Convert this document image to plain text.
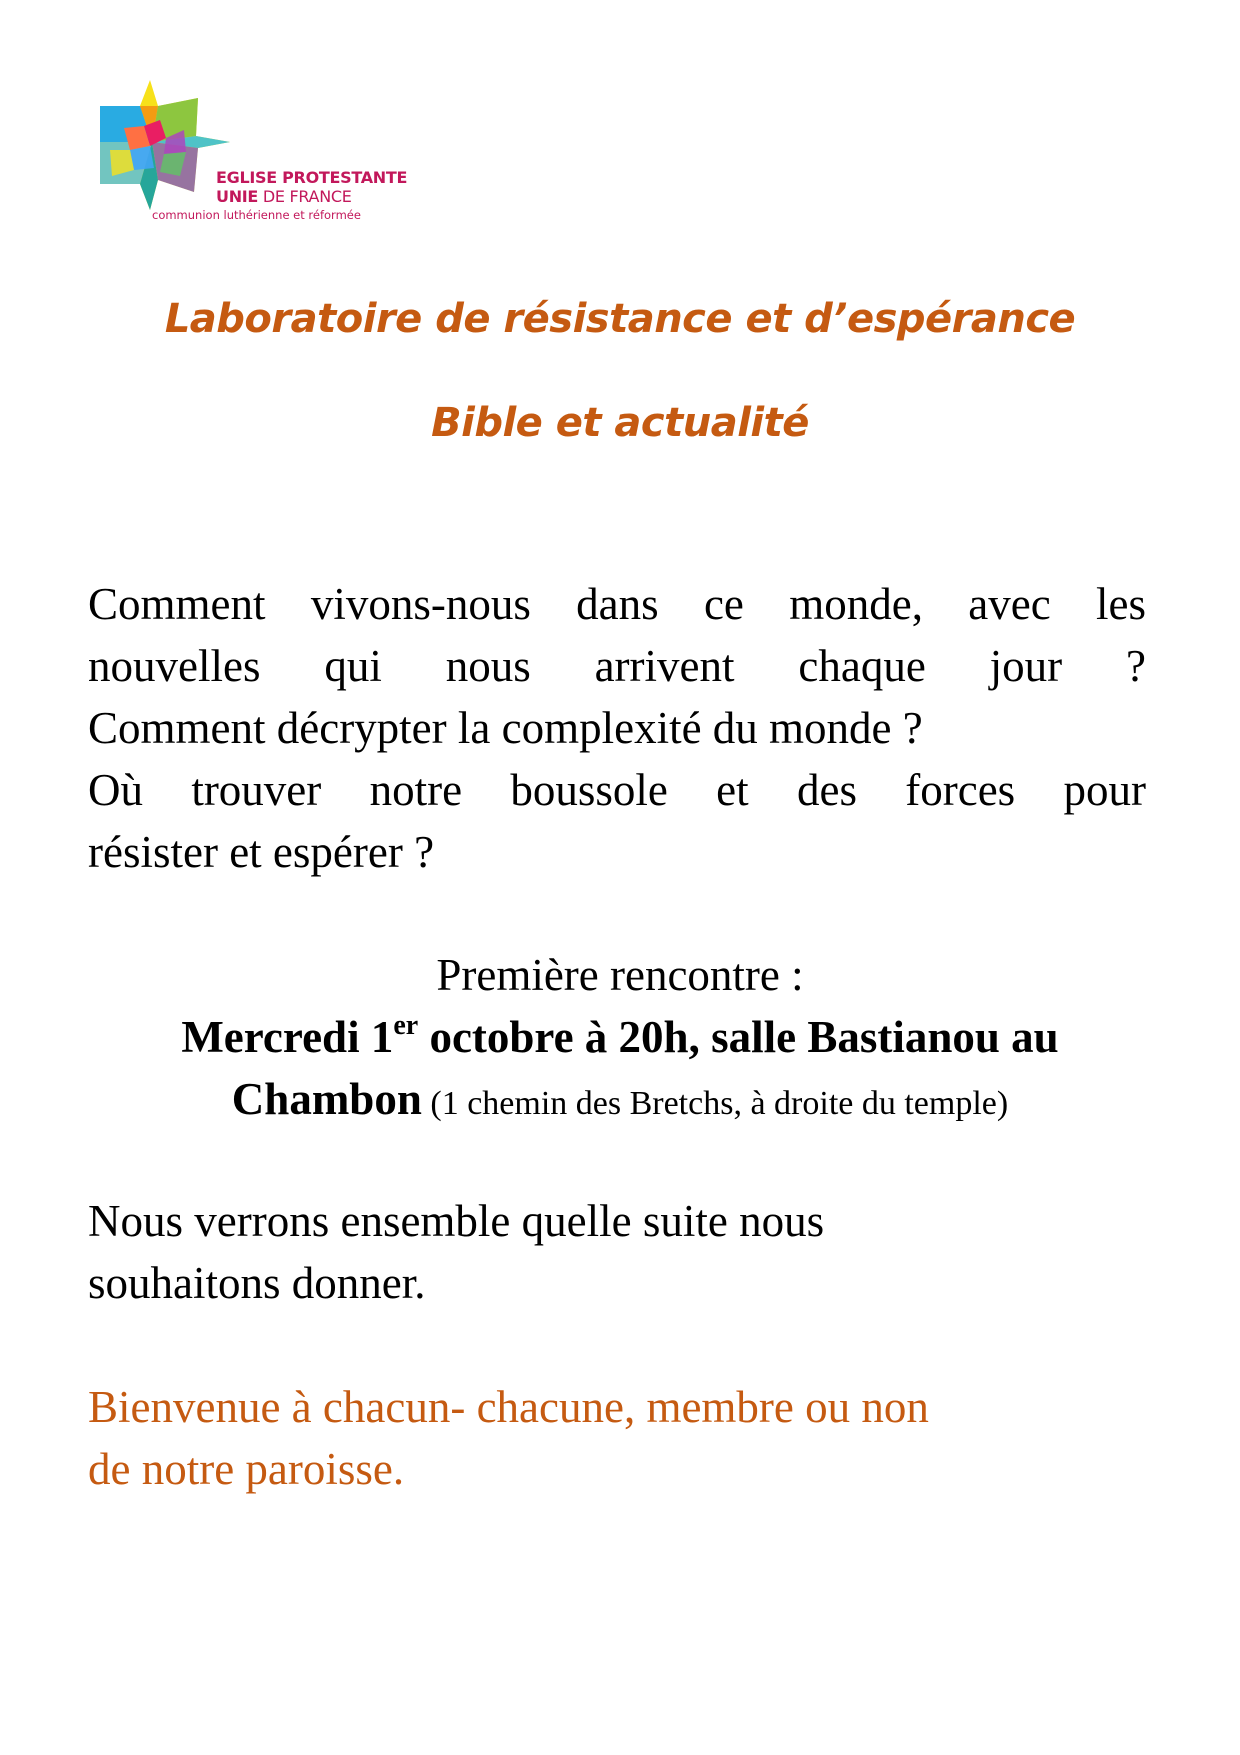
EGLISE PROTESTANTE
UNIE DE FRANCE
communion luthérienne et réformée
Laboratoire de résistance et d’espérance
Bible et actualité
Comment vivons-nous dans ce monde, avec les
nouvelles qui nous arrivent chaque jour ?
Comment décrypter la complexité du monde ?
Où trouver notre boussole et des forces pour
résister et espérer ?
Première rencontre :
Mercredi 1er octobre à 20h, salle Bastianou au
Chambon (1 chemin des Bretchs, à droite du temple)
Nous verrons ensemble quelle suite nous
souhaitons donner.
Bienvenue à chacun- chacune, membre ou non
de notre paroisse.
